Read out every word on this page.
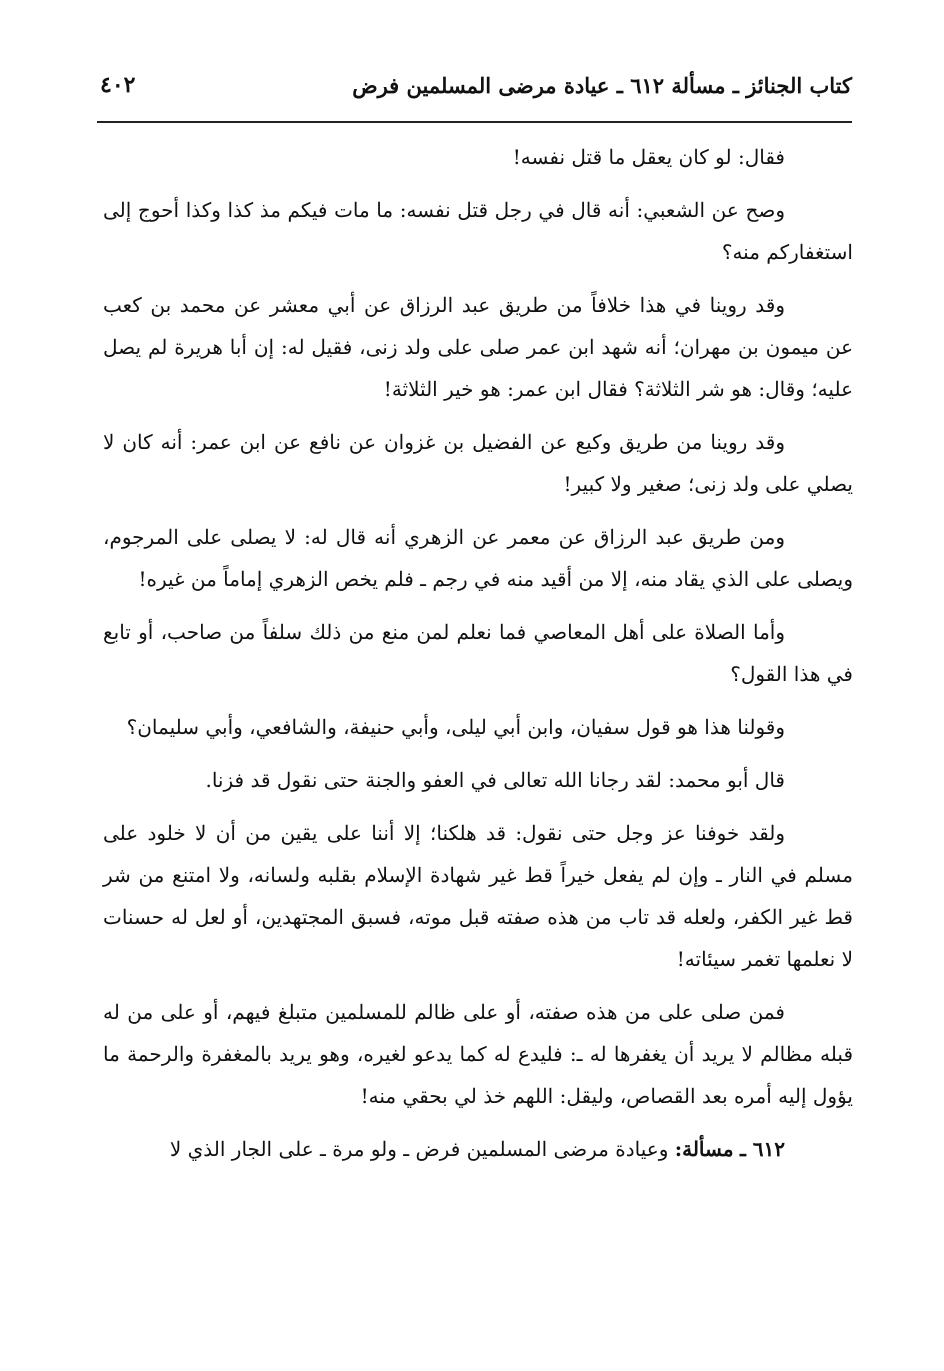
كتاب الجنائز ـ مسألة ٦١٢ ـ عيادة مرضى المسلمين فرض
٤٠٢

فقال: لو كان يعقل ما قتل نفسه!

وصح عن الشعبي: أنه قال في رجل قتل نفسه: ما مات فيكم مذ كذا وكذا أحوج إلى استغفاركم منه؟

وقد روينا في هذا خلافاً من طريق عبد الرزاق عن أبي معشر عن محمد بن كعب عن ميمون بن مهران؛ أنه شهد ابن عمر صلى على ولد زنى، فقيل له: إن أبا هريرة لم يصل عليه؛ وقال: هو شر الثلاثة؟ فقال ابن عمر: هو خير الثلاثة!

وقد روينا من طريق وكيع عن الفضيل بن غزوان عن نافع عن ابن عمر: أنه كان لا يصلي على ولد زنى؛ صغير ولا كبير!

ومن طريق عبد الرزاق عن معمر عن الزهري أنه قال له: لا يصلى على المرجوم، ويصلى على الذي يقاد منه، إلا من أقيد منه في رجم ـ فلم يخص الزهري إماماً من غيره!

وأما الصلاة على أهل المعاصي فما نعلم لمن منع من ذلك سلفاً من صاحب، أو تابع في هذا القول؟

وقولنا هذا هو قول سفيان، وابن أبي ليلى، وأبي حنيفة، والشافعي، وأبي سليمان؟

قال أبو محمد: لقد رجانا الله تعالى في العفو والجنة حتى نقول قد فزنا.

ولقد خوفنا عز وجل حتى نقول: قد هلكنا؛ إلا أننا على يقين من أن لا خلود على مسلم في النار ـ وإن لم يفعل خيراً قط غير شهادة الإسلام بقلبه ولسانه، ولا امتنع من شر قط غير الكفر، ولعله قد تاب من هذه صفته قبل موته، فسبق المجتهدين، أو لعل له حسنات لا نعلمها تغمر سيئاته!

فمن صلى على من هذه صفته، أو على ظالم للمسلمين متبلغ فيهم، أو على من له قبله مظالم لا يريد أن يغفرها له ـ: فليدع له كما يدعو لغيره، وهو يريد بالمغفرة والرحمة ما يؤول إليه أمره بعد القصاص، وليقل: اللهم خذ لي بحقي منه!

٦١٢ ـ مسألة: وعيادة مرضى المسلمين فرض ـ ولو مرة ـ على الجار الذي لا
